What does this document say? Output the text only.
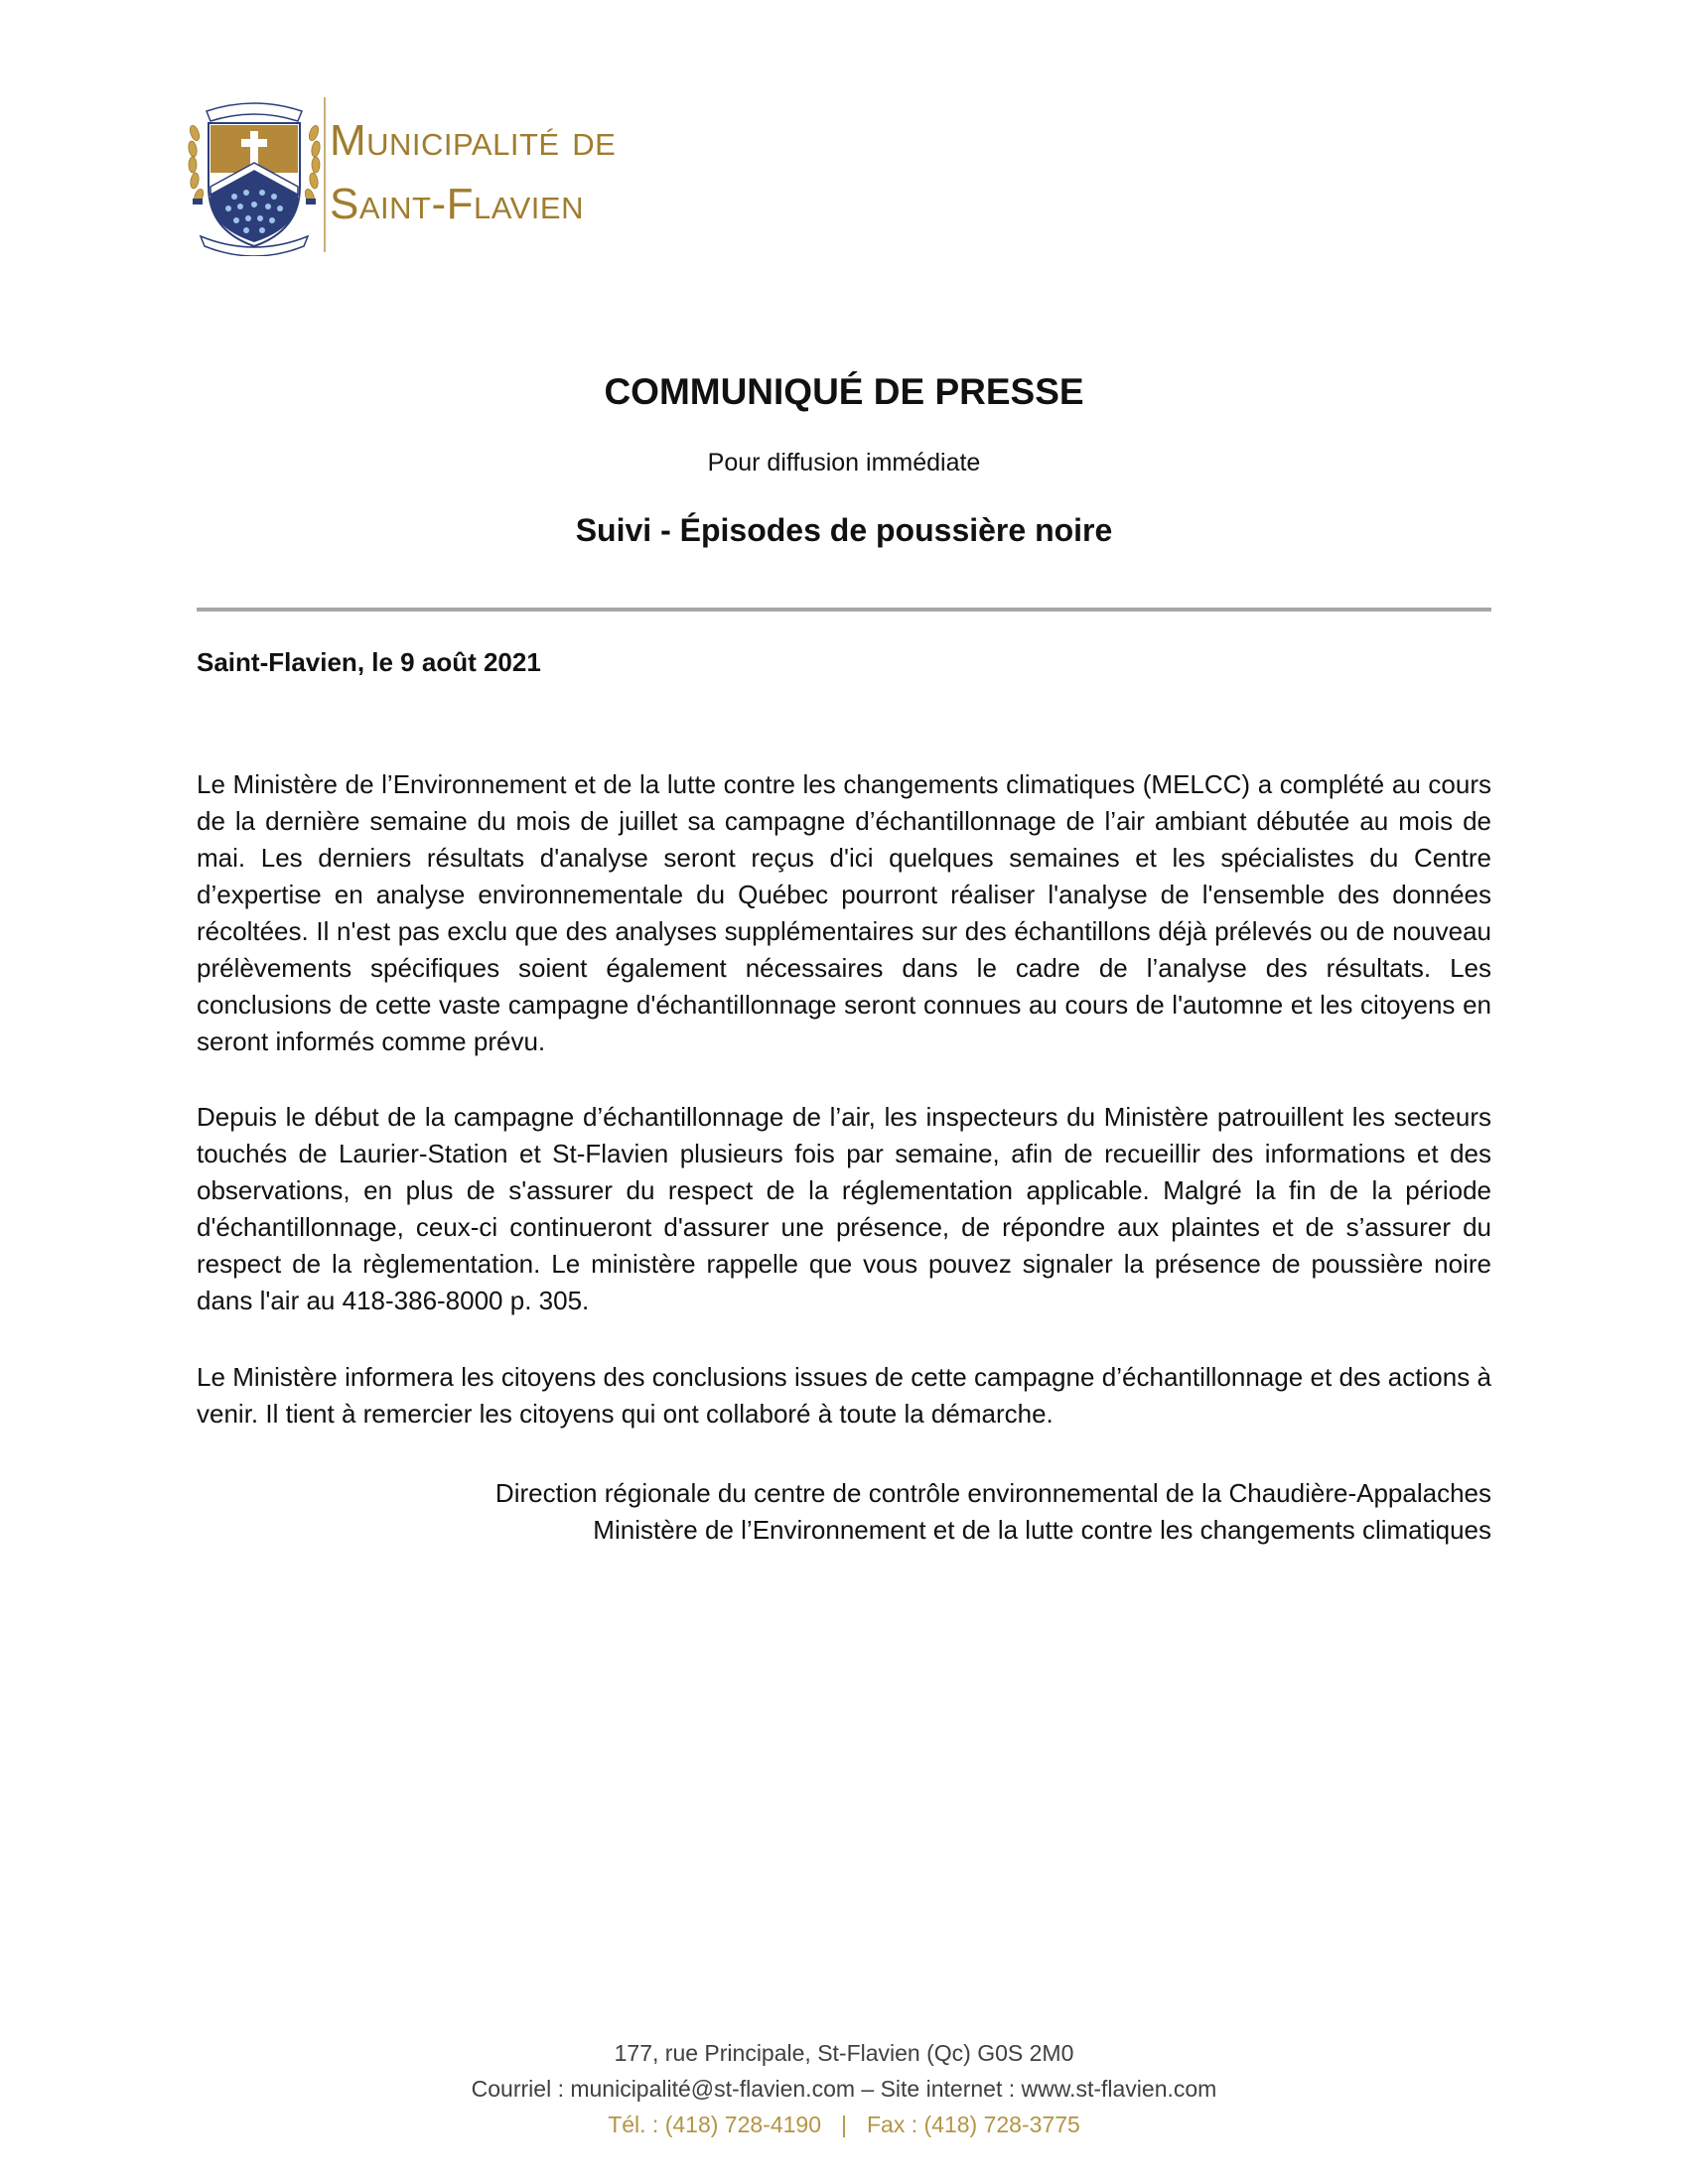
Municipalité de
Saint-Flavien
COMMUNIQUÉ DE PRESSE
Pour diffusion immédiate
Suivi - Épisodes de poussière noire
Saint-Flavien, le 9 août 2021

Le Ministère de l’Environnement et de la lutte contre les changements climatiques (MELCC) a complété au cours de la dernière semaine du mois de juillet sa campagne d’échantillonnage de l’air ambiant débutée au mois de mai. Les derniers résultats d'analyse seront reçus d'ici quelques semaines et les spécialistes du Centre d’expertise en analyse environnementale du Québec pourront réaliser l'analyse de l'ensemble des données récoltées. Il n'est pas exclu que des analyses supplémentaires sur des échantillons déjà prélevés ou de nouveau prélèvements spécifiques soient également nécessaires dans le cadre de l’analyse des résultats. Les conclusions de cette vaste campagne d'échantillonnage seront connues au cours de l'automne et les citoyens en seront informés comme prévu.

Depuis le début de la campagne d’échantillonnage de l’air, les inspecteurs du Ministère patrouillent les secteurs touchés de Laurier-Station et St-Flavien plusieurs fois par semaine, afin de recueillir des informations et des observations, en plus de s'assurer du respect de la réglementation applicable. Malgré la fin de la période d'échantillonnage, ceux-ci continueront d'assurer une présence, de répondre aux plaintes et de s’assurer du respect de la règlementation. Le ministère rappelle que vous pouvez signaler la présence de poussière noire dans l'air au 418-386-8000 p. 305.

Le Ministère informera les citoyens des conclusions issues de cette campagne d’échantillonnage et des actions à venir. Il tient à remercier les citoyens qui ont collaboré à toute la démarche.

Direction régionale du centre de contrôle environnemental de la Chaudière-Appalaches
Ministère de l’Environnement et de la lutte contre les changements climatiques
177, rue Principale, St-Flavien (Qc) G0S 2M0
Courriel : municipalité@st-flavien.com – Site internet : www.st-flavien.com
Tél. : (418) 728-4190 | Fax : (418) 728-3775
